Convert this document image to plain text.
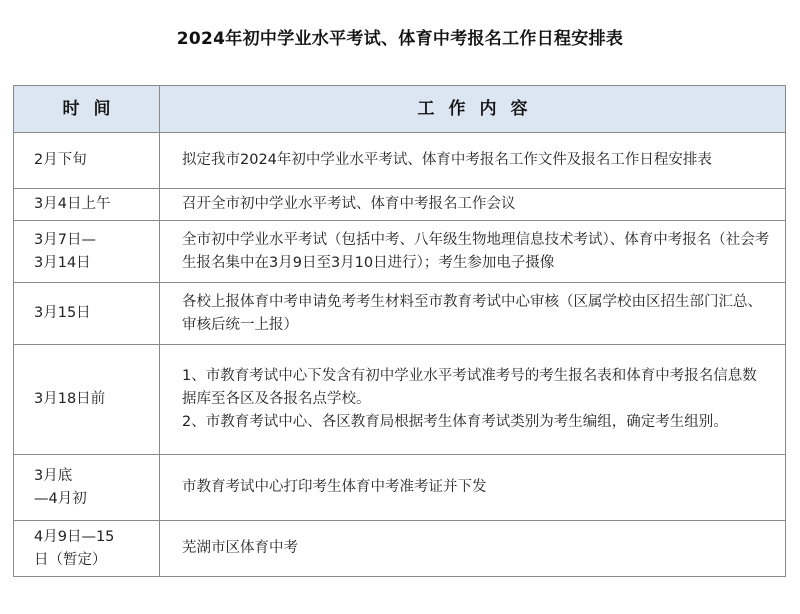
2024年初中学业水平考试、体育中考报名工作日程安排表
时间	工作内容

2月下旬	拟定我市2024年初中学业水平考试、体育中考报名工作文件及报名工作日程安排表

3月4日上午	召开全市初中学业水平考试、体育中考报名工作会议

3月7日—
3月14日	全市初中学业水平考试（包括中考、八年级生物地理信息技术考试）、体育中考报名（社会考生报名集中在3月9日至3月10日进行）；考生参加电子摄像

3月15日	各校上报体育中考申请免考考生材料至市教育考试中心审核（区属学校由区招生部门汇总、审核后统一上报）

3月18日前	1、市教育考试中心下发含有初中学业水平考试准考号的考生报名表和体育中考报名信息数据库至各区及各报名点学校。
2、市教育考试中心、各区教育局根据考生体育考试类别为考生编组，确定考生组别。

3月底
—4月初	市教育考试中心打印考生体育中考准考证并下发

4月9日—15
日（暂定）	芜湖市区体育中考
